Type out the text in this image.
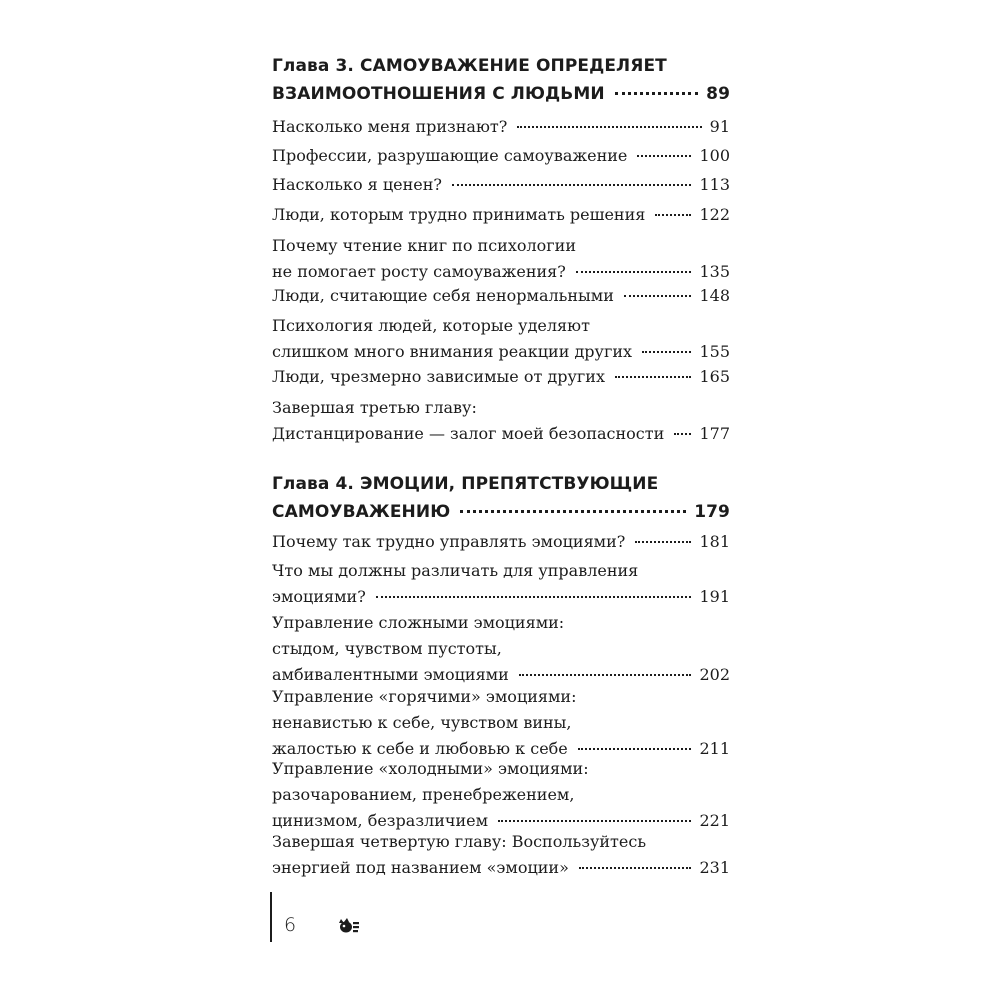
Глава 3. САМОУВАЖЕНИЕ ОПРЕДЕЛЯЕТ
ВЗАИМООТНОШЕНИЯ С ЛЮДЬМИ	89
Насколько меня признают?	91
Профессии, разрушающие самоуважение	100
Насколько я ценен?	113
Люди, которым трудно принимать решения	122
Почему чтение книг по психологии
не помогает росту самоуважения?	135
Люди, считающие себя ненормальными	148
Психология людей, которые уделяют
слишком много внимания реакции других	155
Люди, чрезмерно зависимые от других	165
Завершая третью главу:
Дистанцирование — залог моей безопасности 177
Глава 4. ЭМОЦИИ, ПРЕПЯТСТВУЮЩИЕ
САМОУВАЖЕНИЮ	179
Почему так трудно управлять эмоциями?	181
Что мы должны различать для управления
эмоциями?	191
Управление сложными эмоциями:
стыдом, чувством пустоты,
амбивалентными эмоциями	202
Управление «горячими» эмоциями:
ненавистью к себе, чувством вины,
жалостью к себе и любовью к себе	211
Управление «холодными» эмоциями:
разочарованием, пренебрежением,
цинизмом, безразличием	221
Завершая четвертую главу: Воспользуйтесь
энергией под названием «эмоции»	231
6
